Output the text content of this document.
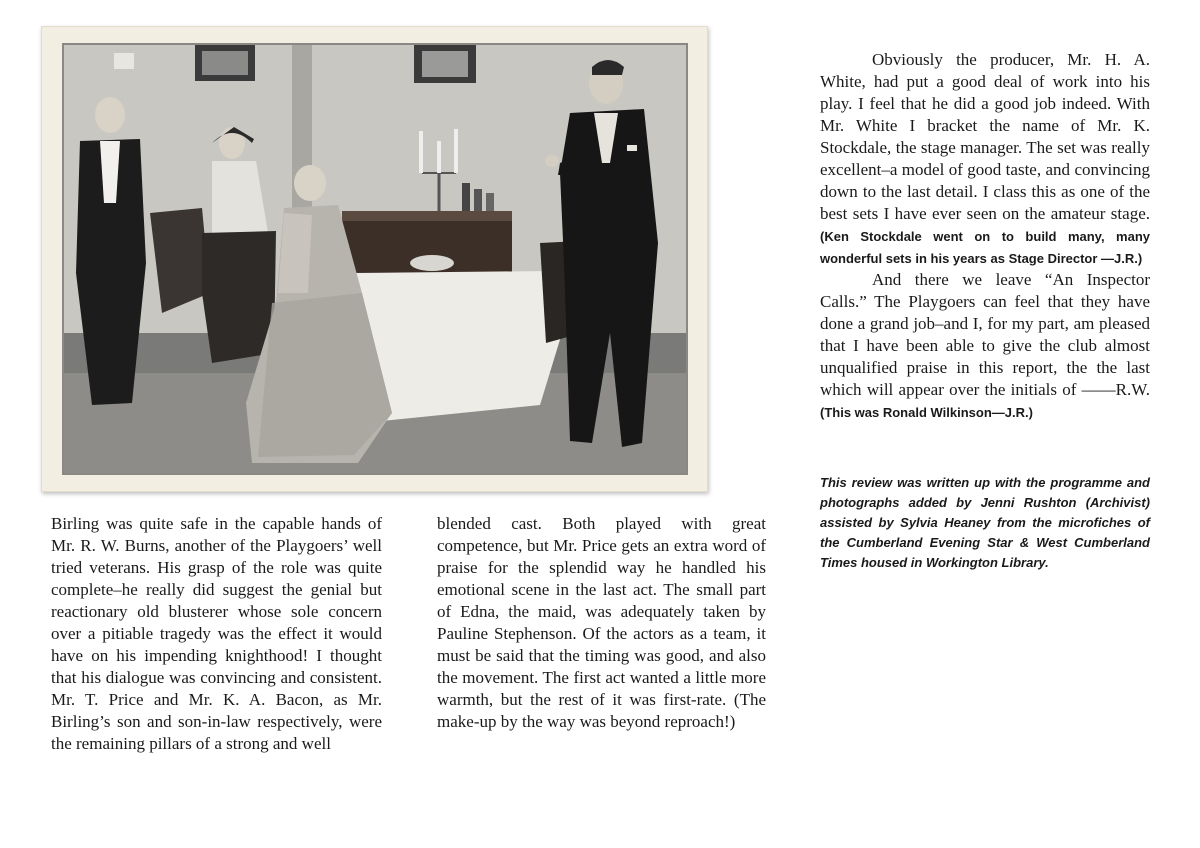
Obviously the producer, Mr. H. A. White, had put a good deal of work into his play. I feel that he did a good job indeed. With Mr. White I bracket the name of Mr. K. Stockdale, the stage manager. The set was really excellent–a model of good taste, and convincing down to the last detail. I class this as one of the best sets I have ever seen on the amateur stage. (Ken Stockdale went on to build many, many wonderful sets in his years as Stage Director —J.R.)

And there we leave “An Inspector Calls.” The Playgoers can feel that they have done a grand job–and I, for my part, am pleased that I have been able to give the club almost unqualified praise in this report, the the last which will appear over the initials of ——R.W. (This was Ronald Wilkinson—J.R.)

This review was written up with the programme and photographs added by Jenni Rushton (Archivist) assisted by Sylvia Heaney from the microfiches of the Cumberland Evening Star & West Cumberland Times housed in Workington Library.

Birling was quite safe in the capable hands of Mr. R. W. Burns, another of the Playgoers’ well tried veterans. His grasp of the role was quite complete–he really did suggest the genial but reactionary old blusterer whose sole concern over a pitiable tragedy was the effect it would have on his impending knighthood! I thought that his dialogue was convincing and consistent. Mr. T. Price and Mr. K. A. Bacon, as Mr. Birling’s son and son-in-law respectively, were the remaining pillars of a strong and well

blended cast. Both played with great competence, but Mr. Price gets an extra word of praise for the splendid way he handled his emotional scene in the last act. The small part of Edna, the maid, was adequately taken by Pauline Stephenson. Of the actors as a team, it must be said that the timing was good, and also the movement. The first act wanted a little more warmth, but the rest of it was first-rate. (The make-up by the way was beyond reproach!)
